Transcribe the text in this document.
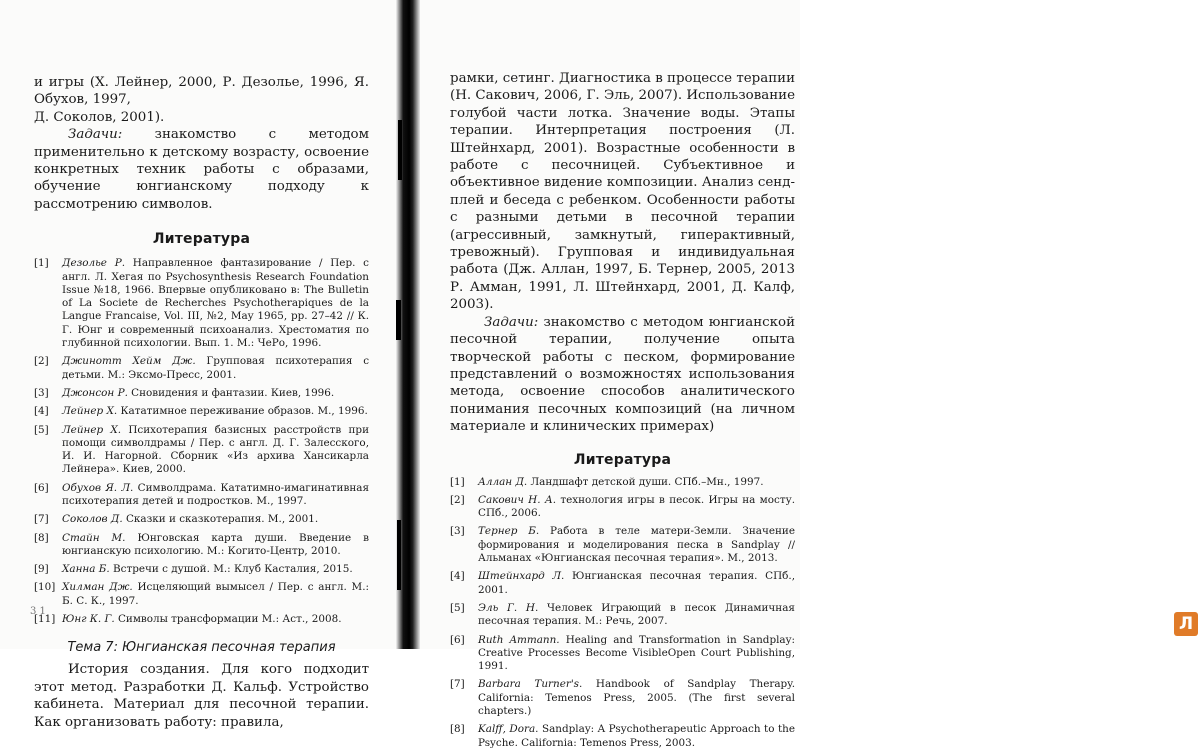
и игры (Х. Лейнер, 2000, Р. Дезольe, 1996, Я. Обухов, 1997,
Д. Соколов, 2001).

Задачи: знакомство с методом применительно к детскому возрасту, освоение конкретных техник работы с образами, обучение юнгианскому подходу к рассмотрению символов.

Литература
[1]	Дезольe Р. Направленное фантазирование / Пер. с англ. Л. Хегая по Psychosynthesis Research Foundation Issue №18, 1966. Впервые опубликовано в: The Bulletin of La Societe de Recherches Psychotherapiques de la Langue Francaise, Vol. III, №2, May 1965, pp. 27–42 // К. Г. Юнг и современный психоанализ. Хрестоматия по глубинной психологии. Вып. 1. М.: ЧеРо, 1996.
[2]	Джинотт Хейм Дж. Групповая психотерапия с детьми. М.: Эксмо-Пресс, 2001.
[3]	Джонсон Р. Сновидения и фантазии. Киев, 1996.
[4]	Лейнер Х. Кататимное переживание образов. М., 1996.
[5]	Лейнер Х. Психотерапия базисных расстройств при помощи символдрамы / Пер. с англ. Д. Г. Залесского, И. И. Нагорной. Сборник «Из архива Хансикарла Лейнера». Киев, 2000.
[6]	Обухов Я. Л. Символдрама. Кататимно-имагинативная психотерапия детей и подростков. М., 1997.
[7]	Соколов Д. Сказки и сказкотерапия. М., 2001.
[8]	Стайн М. Юнговская карта души. Введение в юнгианскую психологию. М.: Когито-Центр, 2010.
[9]	Ханна Б. Встречи с душой. М.: Клуб Касталия, 2015.
[10] Хилман Дж. Исцеляющий вымысел / Пер. с англ. М.: Б. С. К., 1997.
[11] Юнг К. Г. Символы трансформации М.: Аст., 2008.
Тема 7: Юнгианская песочная терапия

История создания. Для кого подходит этот метод. Разработки Д. Кальф. Устройство кабинета. Материал для песочной терапии. Как организовать работу: правила,

3 1

рамки, сетинг. Диагностика в процессе терапии (Н. Сакович, 2006, Г. Эль, 2007). Использование голубой части лотка. Значение воды. Этапы терапии. Интерпретация построения (Л. Штейнхард, 2001). Возрастные особенности в работе с песочницей. Субъективное и объективное видение композиции. Анализ сенд-плей и беседа с ребенком. Особенности работы с разными детьми в песочной терапии (агрессивный, замкнутый, гиперактивный, тревожный). Групповая и индивидуальная работа (Дж. Аллан, 1997, Б. Тернер, 2005, 2013 Р. Амман, 1991, Л. Штейнхард, 2001, Д. Калф, 2003).

Задачи: знакомство с методом юнгианской песочной терапии, получение опыта творческой работы с песком, формирование представлений о возможностях использования метода, освоение способов аналитического понимания песочных композиций (на личном материале и клинических примерах)

Литература
[1]	Аллан Д. Ландшафт детской души. СПб.–Мн., 1997.
[2]	Сакович Н. А. технология игры в песок. Игры на мосту. СПб., 2006.
[3]	Тернер Б. Работа в теле матери-Земли. Значение формирования и моделирования песка в Sandplay // Альманах «Юнгианская песочная терапия». М., 2013.
[4]	Штейнхард Л. Юнгианская песочная терапия. СПб., 2001.
[5]	Эль Г. Н. Человек Играющий в песок Динамичная песочная терапия. М.: Речь, 2007.
[6]	Ruth Ammann. Healing and Transformation in Sandplay: Creative Processes Become VisibleOpen Court Publishing, 1991.
[7]	Barbara Turner's. Handbook of Sandplay Therapy. California: Temenos Press, 2005. (The first several chapters.)
[8]	Kalff, Dora. Sandplay: A Psychotherapeutic Approach to the Psyche. California: Temenos Press, 2003.
Л
